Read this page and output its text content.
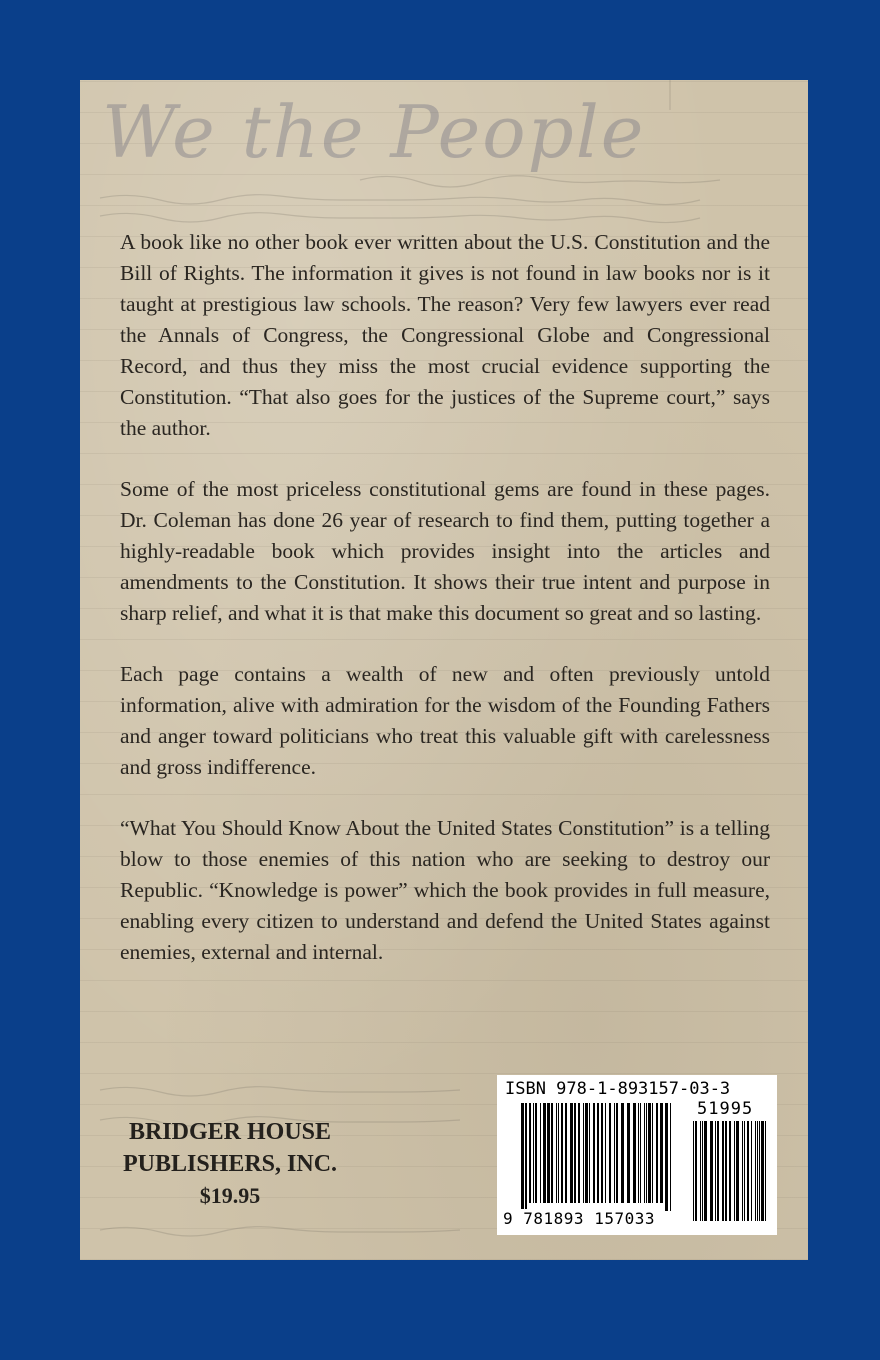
We the People

A book like no other book ever written about the U.S. Constitution and the Bill of Rights. The information it gives is not found in law books nor is it taught at prestigious law schools. The reason? Very few lawyers ever read the Annals of Congress, the Congressional Globe and Congressional Record, and thus they miss the most crucial evidence supporting the Constitution. “That also goes for the justices of the Supreme court,” says the author.

Some of the most priceless constitutional gems are found in these pages. Dr. Coleman has done 26 year of research to find them, putting together a highly-readable book which provides insight into the articles and amendments to the Constitution. It shows their true intent and purpose in sharp relief, and what it is that make this document so great and so lasting.

Each page contains a wealth of new and often previously untold information, alive with admiration for the wisdom of the Founding Fathers and anger toward politicians who treat this valuable gift with carelessness and gross indifference.

“What You Should Know About the United States Constitution” is a telling blow to those enemies of this nation who are seeking to destroy our Republic. “Knowledge is power” which the book provides in full measure, enabling every citizen to understand and defend the United States against enemies, external and internal.

BRIDGER HOUSE
PUBLISHERS, INC.
$19.95
ISBN 978-1-893157-03-3
51995
9 781893 157033
